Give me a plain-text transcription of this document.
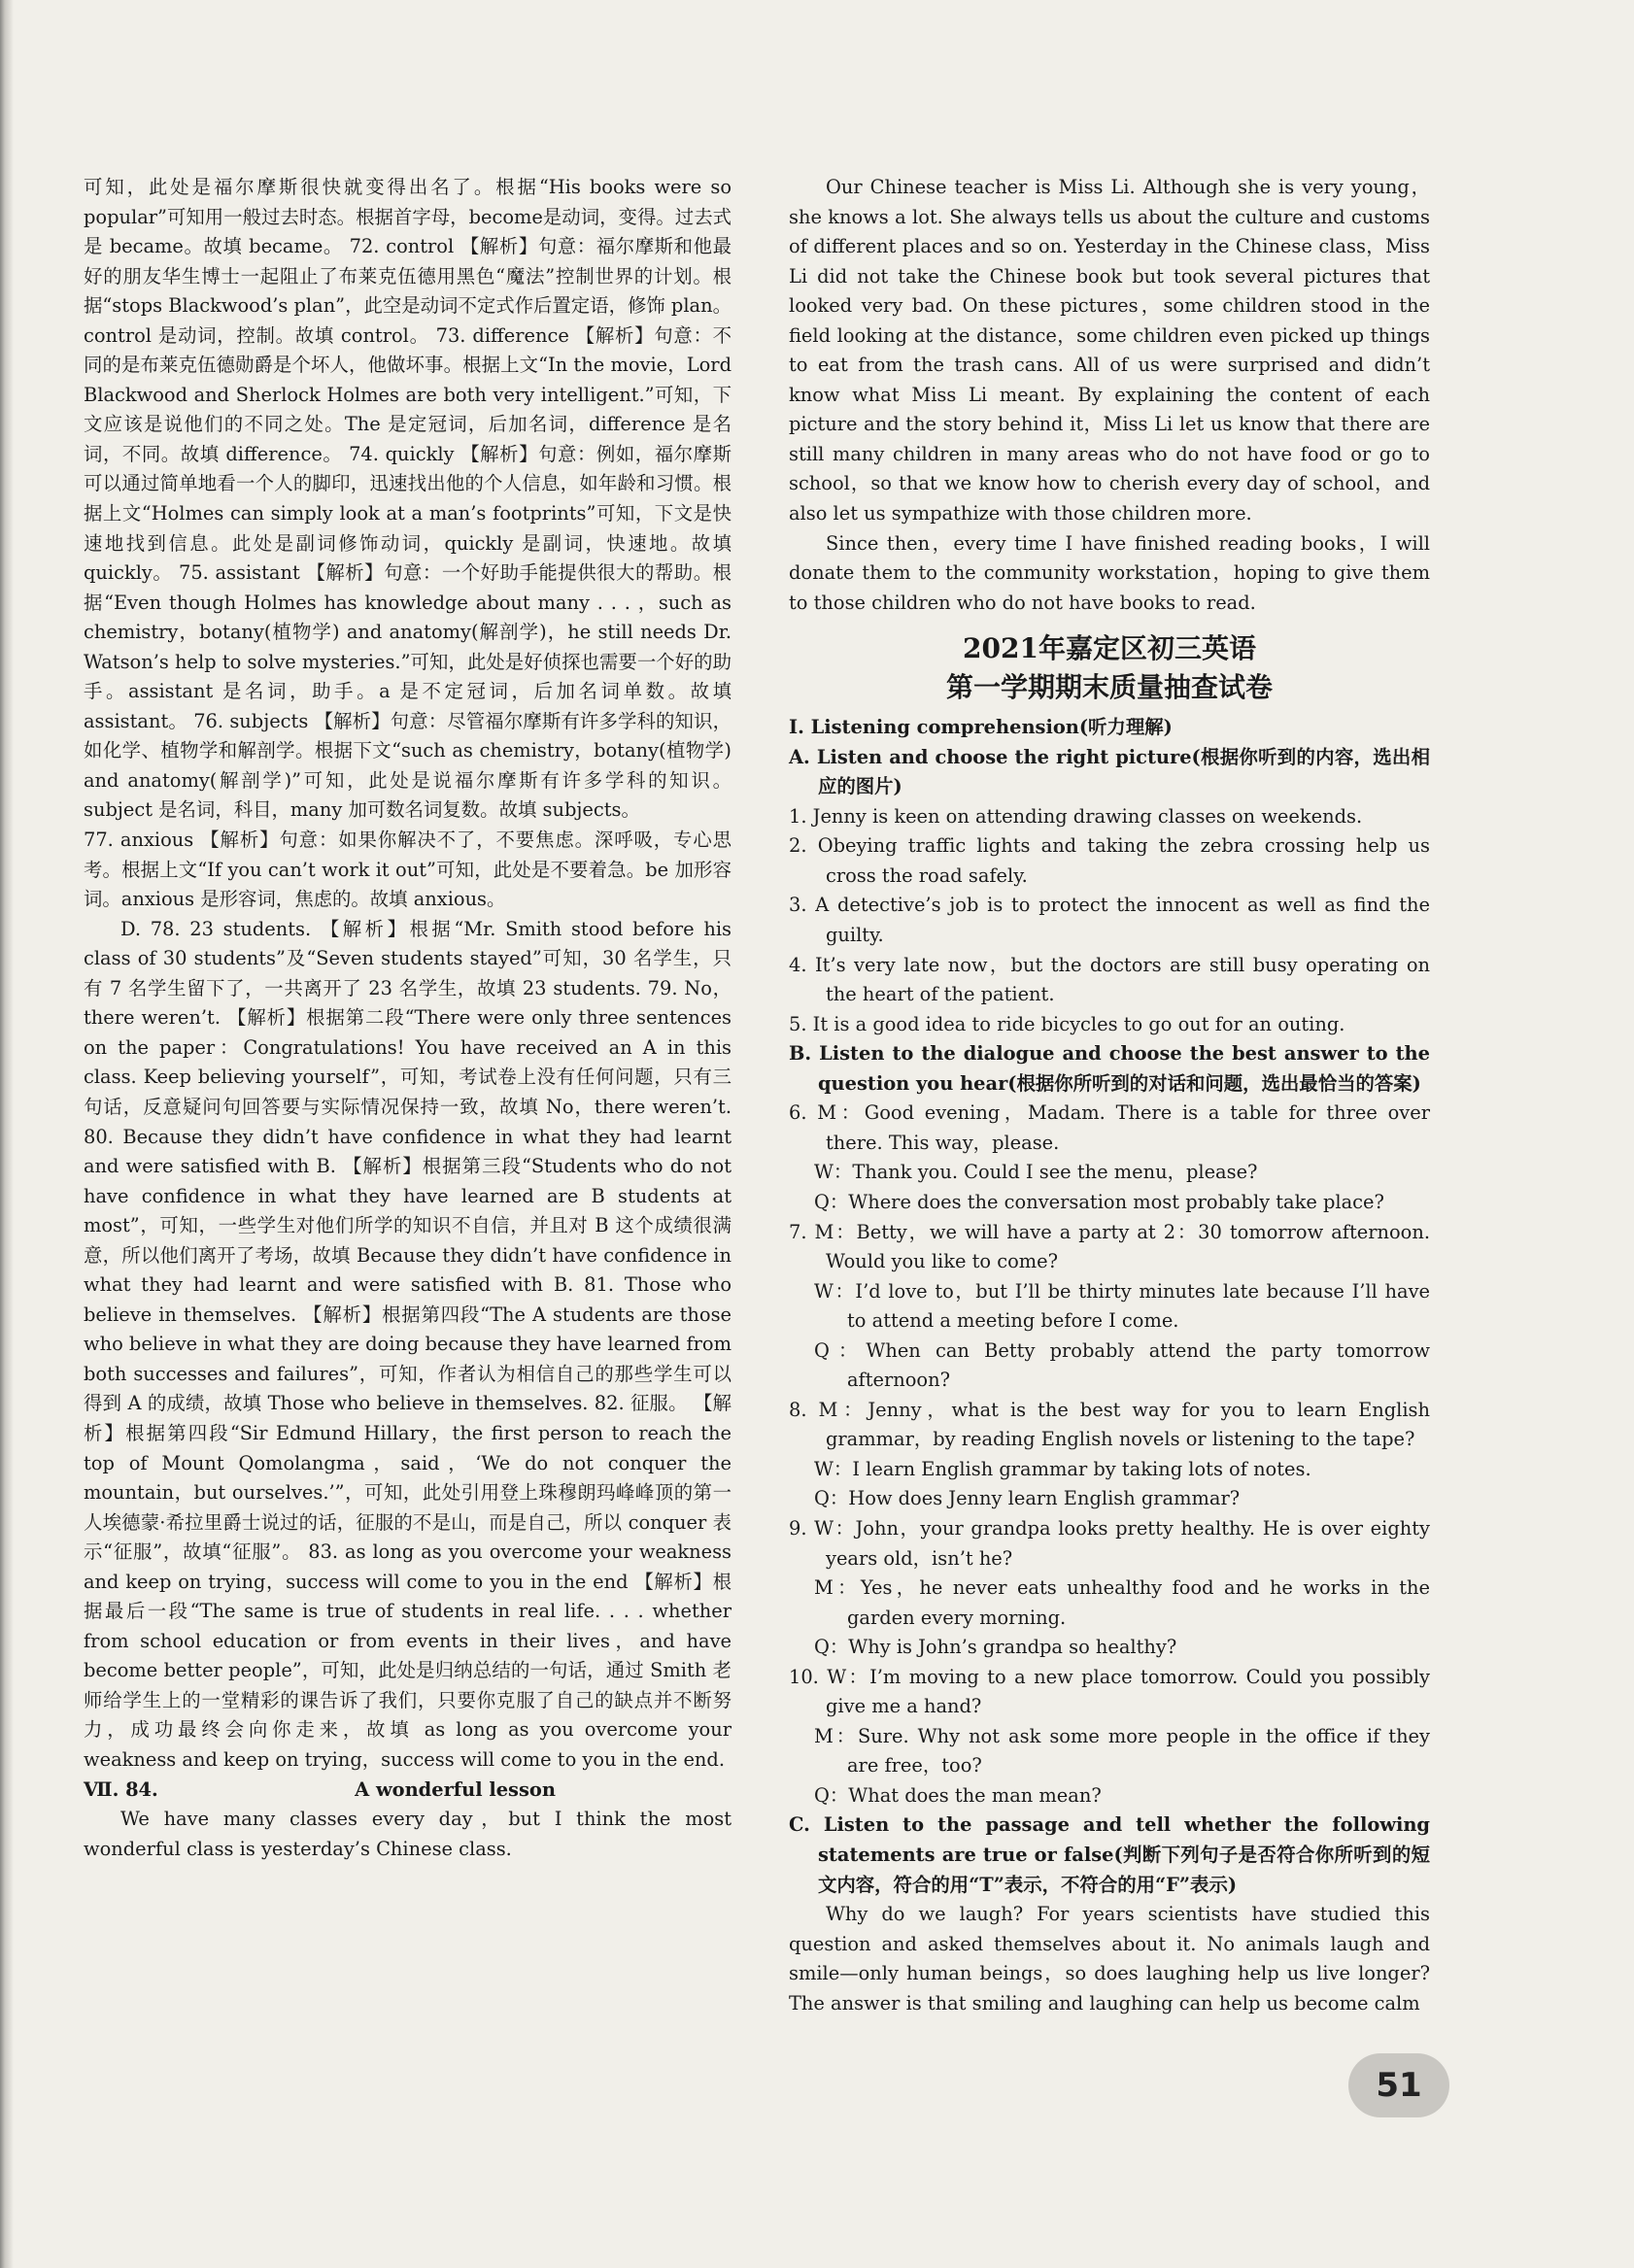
可知，此处是福尔摩斯很快就变得出名了。根据“His books were so popular”可知用一般过去时态。根据首字母，become是动词，变得。过去式是 became。故填 became。 72. control 【解析】句意：福尔摩斯和他最好的朋友华生博士一起阻止了布莱克伍德用黑色“魔法”控制世界的计划。根据“stops Blackwood’s plan”，此空是动词不定式作后置定语，修饰 plan。control 是动词，控制。故填 control。 73. difference 【解析】句意：不同的是布莱克伍德勋爵是个坏人，他做坏事。根据上文“In the movie，Lord Blackwood and Sherlock Holmes are both very intelligent.”可知，下文应该是说他们的不同之处。The 是定冠词，后加名词，difference 是名词，不同。故填 difference。 74. quickly 【解析】句意：例如，福尔摩斯可以通过简单地看一个人的脚印，迅速找出他的个人信息，如年龄和习惯。根据上文“Holmes can simply look at a man’s footprints”可知，下文是快速地找到信息。此处是副词修饰动词，quickly 是副词，快速地。故填 quickly。 75. assistant 【解析】句意：一个好助手能提供很大的帮助。根据“Even though Holmes has knowledge about many . . . ，such as chemistry，botany(植物学) and anatomy(解剖学)，he still needs Dr. Watson’s help to solve mysteries.”可知，此处是好侦探也需要一个好的助手。assistant 是名词，助手。a 是不定冠词，后加名词单数。故填 assistant。 76. subjects 【解析】句意：尽管福尔摩斯有许多学科的知识，如化学、植物学和解剖学。根据下文“such as chemistry，botany(植物学) and anatomy(解剖学)”可知，此处是说福尔摩斯有许多学科的知识。subject 是名词，科目，many 加可数名词复数。故填 subjects。

77. anxious 【解析】句意：如果你解决不了，不要焦虑。深呼吸，专心思考。根据上文“If you can’t work it out”可知，此处是不要着急。be 加形容词。anxious 是形容词，焦虑的。故填 anxious。

D. 78. 23 students. 【解析】根据“Mr. Smith stood before his class of 30 students”及“Seven students stayed”可知，30 名学生，只有 7 名学生留下了，一共离开了 23 名学生，故填 23 students. 79. No，there weren’t. 【解析】根据第二段“There were only three sentences on the paper：Congratulations! You have received an A in this class. Keep believing yourself”，可知，考试卷上没有任何问题，只有三句话，反意疑问句回答要与实际情况保持一致，故填 No，there weren’t. 80. Because they didn’t have confidence in what they had learnt and were satisfied with B. 【解析】根据第三段“Students who do not have confidence in what they have learned are B students at most”，可知，一些学生对他们所学的知识不自信，并且对 B 这个成绩很满意，所以他们离开了考场，故填 Because they didn’t have confidence in what they had learnt and were satisfied with B. 81. Those who believe in themselves. 【解析】根据第四段“The A students are those who believe in what they are doing because they have learned from both successes and failures”，可知，作者认为相信自己的那些学生可以得到 A 的成绩，故填 Those who believe in themselves. 82. 征服。 【解析】根据第四段“Sir Edmund Hillary，the first person to reach the top of Mount Qomolangma，said，‘We do not conquer the mountain，but ourselves.’”，可知，此处引用登上珠穆朗玛峰峰顶的第一人埃德蒙·希拉里爵士说过的话，征服的不是山，而是自己，所以 conquer 表示“征服”，故填“征服”。 83. as long as you overcome your weakness and keep on trying，success will come to you in the end 【解析】根据最后一段“The same is true of students in real life. . . . whether from school education or from events in their lives，and have become better people”，可知，此处是归纳总结的一句话，通过 Smith 老师给学生上的一堂精彩的课告诉了我们，只要你克服了自己的缺点并不断努力，成功最终会向你走来，故填 as long as you overcome your weakness and keep on trying，success will come to you in the end.

Ⅶ. 84.	A wonderful lesson

We have many classes every day，but I think the most wonderful class is yesterday’s Chinese class.

Our Chinese teacher is Miss Li. Although she is very young，she knows a lot. She always tells us about the culture and customs of different places and so on. Yesterday in the Chinese class，Miss Li did not take the Chinese book but took several pictures that looked very bad. On these pictures，some children stood in the field looking at the distance，some children even picked up things to eat from the trash cans. All of us were surprised and didn’t know what Miss Li meant. By explaining the content of each picture and the story behind it，Miss Li let us know that there are still many children in many areas who do not have food or go to school，so that we know how to cherish every day of school，and also let us sympathize with those children more.

Since then，every time I have finished reading books，I will donate them to the community workstation，hoping to give them to those children who do not have books to read.

2021年嘉定区初三英语
第一学期期末质量抽查试卷

Ⅰ. Listening comprehension(听力理解)

A. Listen and choose the right picture(根据你听到的内容，选出相应的图片)

1. Jenny is keen on attending drawing classes on weekends.

2. Obeying traffic lights and taking the zebra crossing help us cross the road safely.

3. A detective’s job is to protect the innocent as well as find the guilty.

4. It’s very late now，but the doctors are still busy operating on the heart of the patient.

5. It is a good idea to ride bicycles to go out for an outing.

B. Listen to the dialogue and choose the best answer to the question you hear(根据你所听到的对话和问题，选出最恰当的答案)

6. M：Good evening，Madam. There is a table for three over there. This way，please.

W：Thank you. Could I see the menu，please?

Q：Where does the conversation most probably take place?

7. M：Betty，we will have a party at 2：30 tomorrow afternoon. Would you like to come?

W：I’d love to，but I’ll be thirty minutes late because I’ll have to attend a meeting before I come.

Q：When can Betty probably attend the party tomorrow afternoon?

8. M：Jenny，what is the best way for you to learn English grammar，by reading English novels or listening to the tape?

W：I learn English grammar by taking lots of notes.

Q：How does Jenny learn English grammar?

9. W：John，your grandpa looks pretty healthy. He is over eighty years old，isn’t he?

M：Yes，he never eats unhealthy food and he works in the garden every morning.

Q：Why is John’s grandpa so healthy?

10. W：I’m moving to a new place tomorrow. Could you possibly give me a hand?

M：Sure. Why not ask some more people in the office if they are free，too?

Q：What does the man mean?

C. Listen to the passage and tell whether the following statements are true or false(判断下列句子是否符合你所听到的短文内容，符合的用“T”表示，不符合的用“F”表示)

Why do we laugh? For years scientists have studied this question and asked themselves about it. No animals laugh and smile—only human beings，so does laughing help us live longer? The answer is that smiling and laughing can help us become calm

51
